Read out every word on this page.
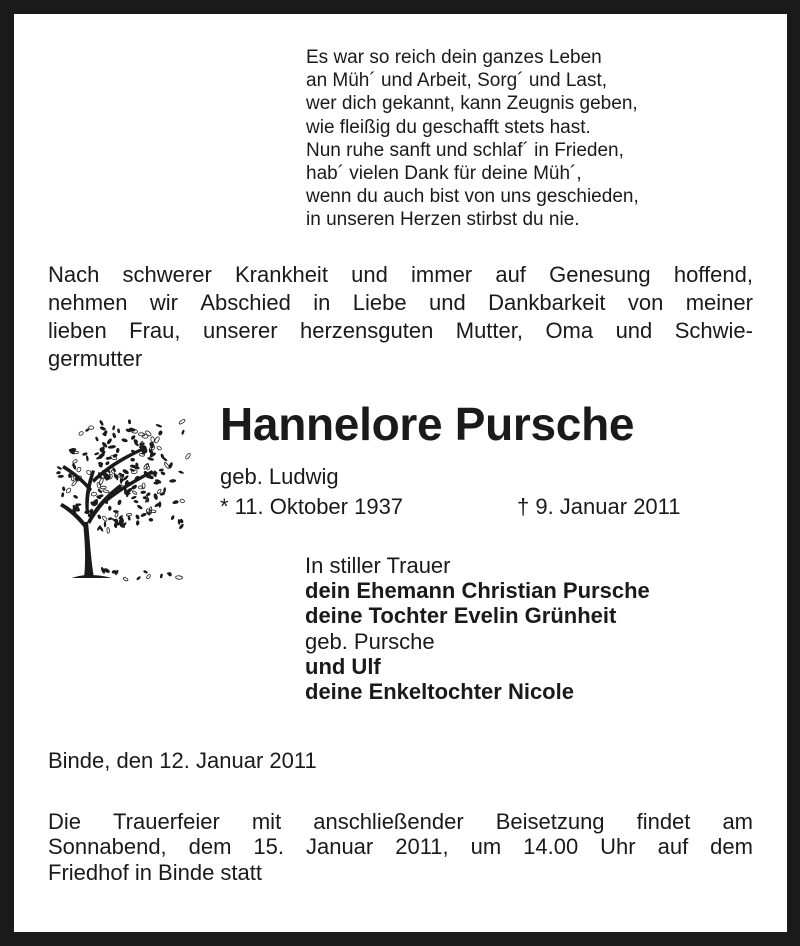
Es war so reich dein ganzes Leben
an Müh´ und Arbeit, Sorg´ und Last,
wer dich gekannt, kann Zeugnis geben,
wie fleißig du geschafft stets hast.
Nun ruhe sanft und schlaf´ in Frieden,
hab´ vielen Dank für deine Müh´,
wenn du auch bist von uns geschieden,
in unseren Herzen stirbst du nie.
Nach schwerer Krankheit und immer auf Genesung hoffend,
nehmen wir Abschied in Liebe und Dankbarkeit von meiner
lieben Frau, unserer herzensguten Mutter, Oma und Schwie-
germutter
Hannelore Pursche
geb. Ludwig
* 11. Oktober 1937	† 9. Januar 2011
In stiller Trauer
dein Ehemann Christian Pursche
deine Tochter Evelin Grünheit
geb. Pursche
und Ulf
deine Enkeltochter Nicole
Binde, den 12. Januar 2011
Die Trauerfeier mit anschließender Beisetzung findet am
Sonnabend, dem 15. Januar 2011, um 14.00 Uhr auf dem
Friedhof in Binde statt
